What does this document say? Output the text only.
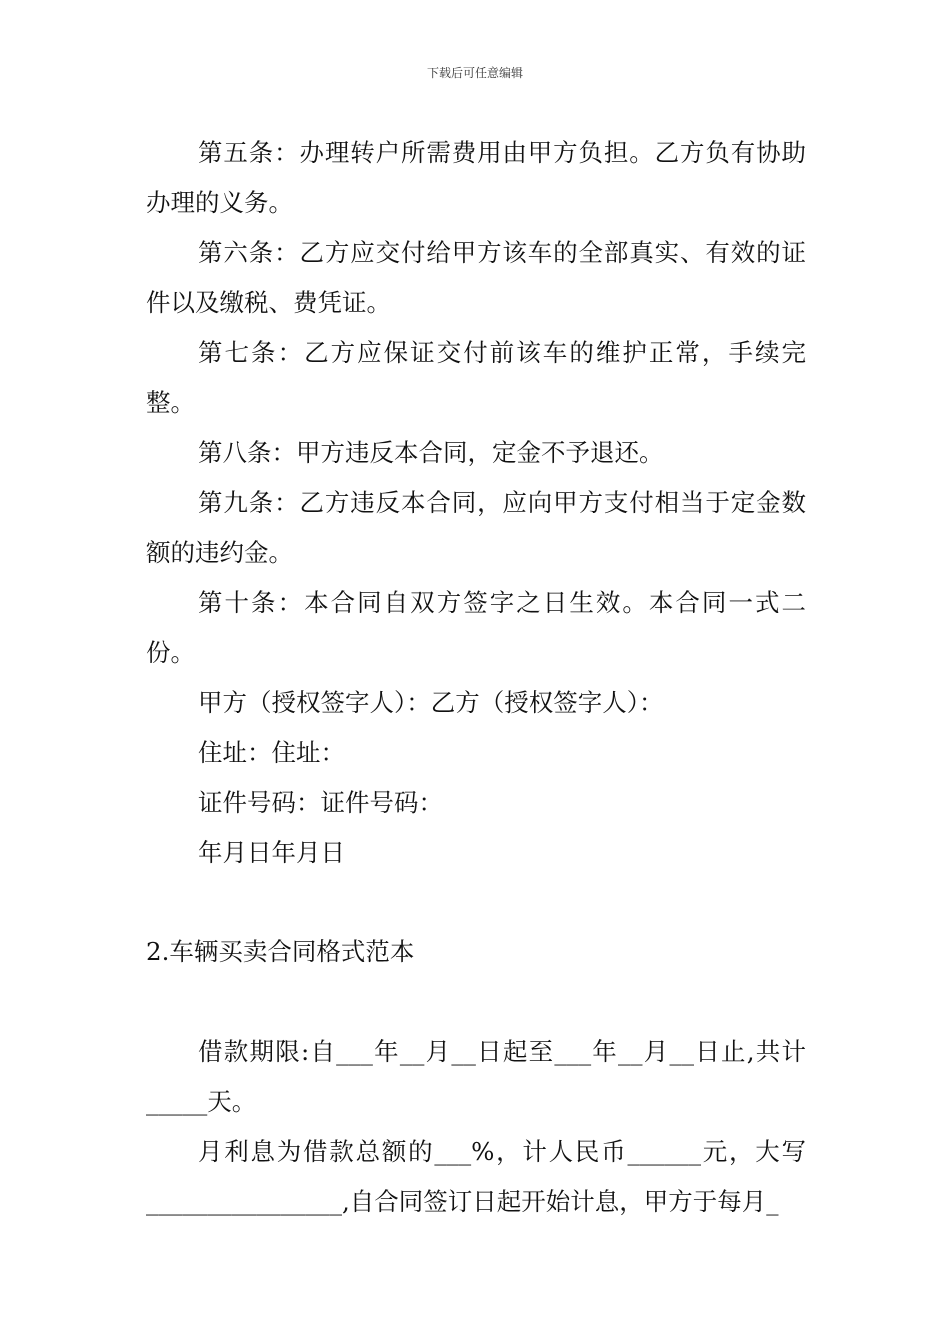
下载后可任意编辑

第五条：办理转户所需费用由甲方负担。乙方负有协助办理的义务。

第六条：乙方应交付给甲方该车的全部真实、有效的证件以及缴税、费凭证。

第七条：乙方应保证交付前该车的维护正常，手续完整。

第八条：甲方违反本合同，定金不予退还。

第九条：乙方违反本合同，应向甲方支付相当于定金数额的违约金。

第十条：本合同自双方签字之日生效。本合同一式二份。

甲方（授权签字人）：乙方（授权签字人）：

住址：住址：

证件号码：证件号码：

年月日年月日

2.车辆买卖合同格式范本

借款期限:自___年__月__日起至___年__月__日止,共计_____天。

月利息为借款总额的___%，计人民币______元，大写________________,自合同签订日起开始计息，甲方于每月_
